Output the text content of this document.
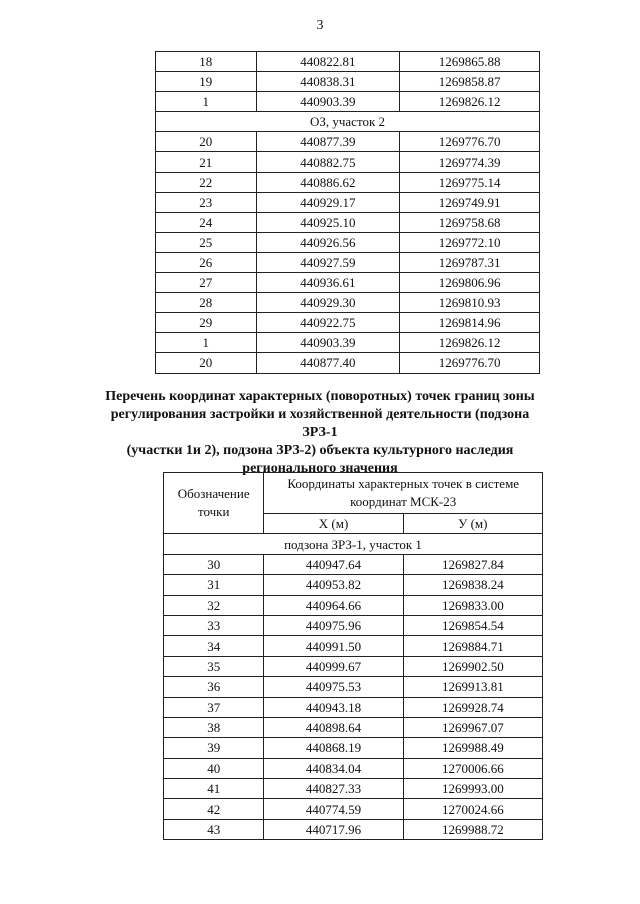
3
18	440822.81	1269865.88
19	440838.31	1269858.87
1	440903.39	1269826.12
ОЗ, участок 2		
20	440877.39	1269776.70
21	440882.75	1269774.39
22	440886.62	1269775.14
23	440929.17	1269749.91
24	440925.10	1269758.68
25	440926.56	1269772.10
26	440927.59	1269787.31
27	440936.61	1269806.96
28	440929.30	1269810.93
29	440922.75	1269814.96
1	440903.39	1269826.12
20	440877.40	1269776.70
Перечень координат характерных (поворотных) точек границ зоны
регулирования застройки и хозяйственной деятельности (подзона ЗРЗ-1
(участки 1и 2), подзона ЗРЗ-2) объекта культурного наследия
регионального значения
Обозначение точки	Координаты характерных точек в системе координат МСК-23	
	Х (м)	У (м)
подзона ЗРЗ-1, участок 1		
30	440947.64	1269827.84
31	440953.82	1269838.24
32	440964.66	1269833.00
33	440975.96	1269854.54
34	440991.50	1269884.71
35	440999.67	1269902.50
36	440975.53	1269913.81
37	440943.18	1269928.74
38	440898.64	1269967.07
39	440868.19	1269988.49
40	440834.04	1270006.66
41	440827.33	1269993.00
42	440774.59	1270024.66
43	440717.96	1269988.72
